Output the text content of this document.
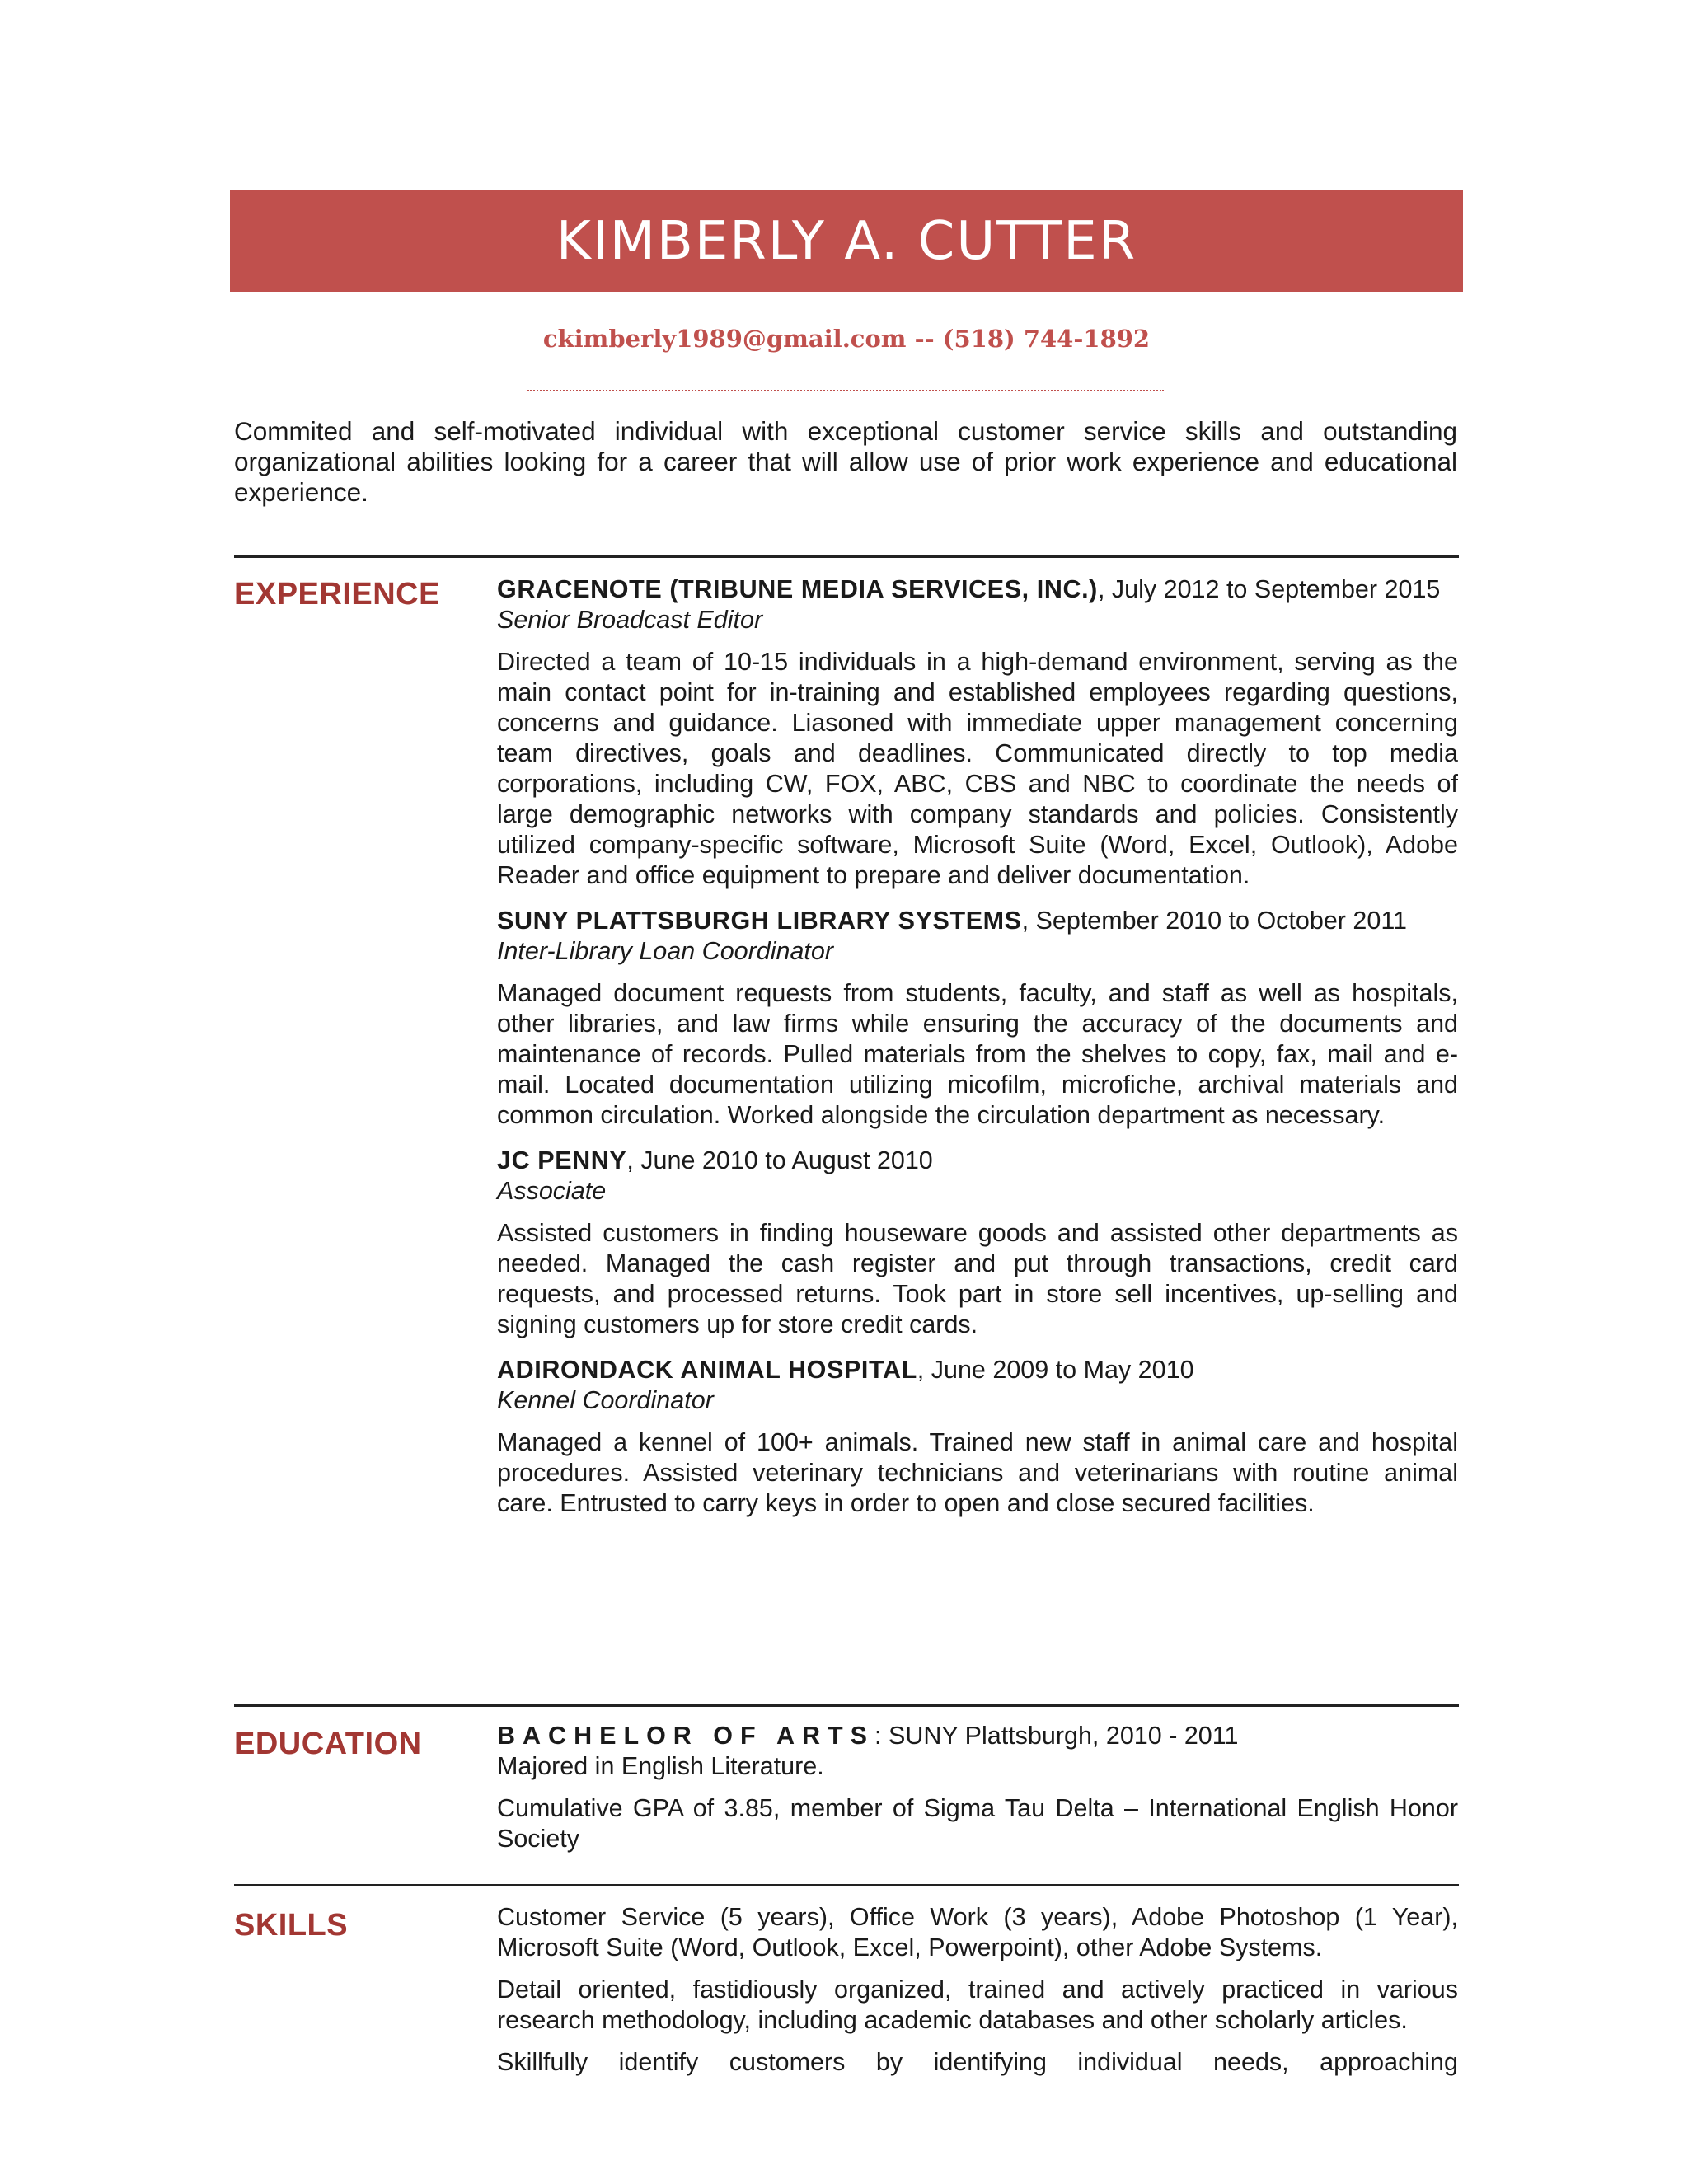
KIMBERLY A. CUTTER
ckimberly1989@gmail.com -- (518) 744-1892

Commited and self-motivated individual with exceptional customer service skills and outstanding organizational abilities looking for a career that will allow use of prior work experience and educational experience.

EXPERIENCE GRACENOTE (TRIBUNE MEDIA SERVICES, INC.), July 2012 to September 2015

Senior Broadcast Editor

Directed a team of 10-15 individuals in a high-demand environment, serving as the main contact point for in-training and established employees regarding questions, concerns and guidance. Liasoned with immediate upper management concerning team directives, goals and deadlines. Communicated directly to top media corporations, including CW, FOX, ABC, CBS and NBC to coordinate the needs of large demographic networks with company standards and policies. Consistently utilized company-specific software, Microsoft Suite (Word, Excel, Outlook), Adobe Reader and office equipment to prepare and deliver documentation.

SUNY PLATTSBURGH LIBRARY SYSTEMS, September 2010 to October 2011

Inter-Library Loan Coordinator

Managed document requests from students, faculty, and staff as well as hospitals, other libraries, and law firms while ensuring the accuracy of the documents and maintenance of records. Pulled materials from the shelves to copy, fax, mail and e-mail. Located documentation utilizing micofilm, microfiche, archival materials and common circulation. Worked alongside the circulation department as necessary.

JC PENNY, June 2010 to August 2010

Associate

Assisted customers in finding houseware goods and assisted other departments as needed. Managed the cash register and put through transactions, credit card requests, and processed returns. Took part in store sell incentives, up-selling and signing customers up for store credit cards.

ADIRONDACK ANIMAL HOSPITAL, June 2009 to May 2010

Kennel Coordinator

Managed a kennel of 100+ animals. Trained new staff in animal care and hospital procedures. Assisted veterinary technicians and veterinarians with routine animal care. Entrusted to carry keys in order to open and close secured facilities.

EDUCATION	BACHELOR OF ARTS: SUNY Plattsburgh, 2010 - 2011

Majored in English Literature.

Cumulative GPA of 3.85, member of Sigma Tau Delta – International English Honor Society

SKILLS	Customer Service (5 years), Office Work (3 years), Adobe Photoshop (1 Year), Microsoft Suite (Word, Outlook, Excel, Powerpoint), other Adobe Systems.

Detail oriented, fastidiously organized, trained and actively practiced in various research methodology, including academic databases and other scholarly articles.

Skillfully identify customers by identifying individual needs, approaching
